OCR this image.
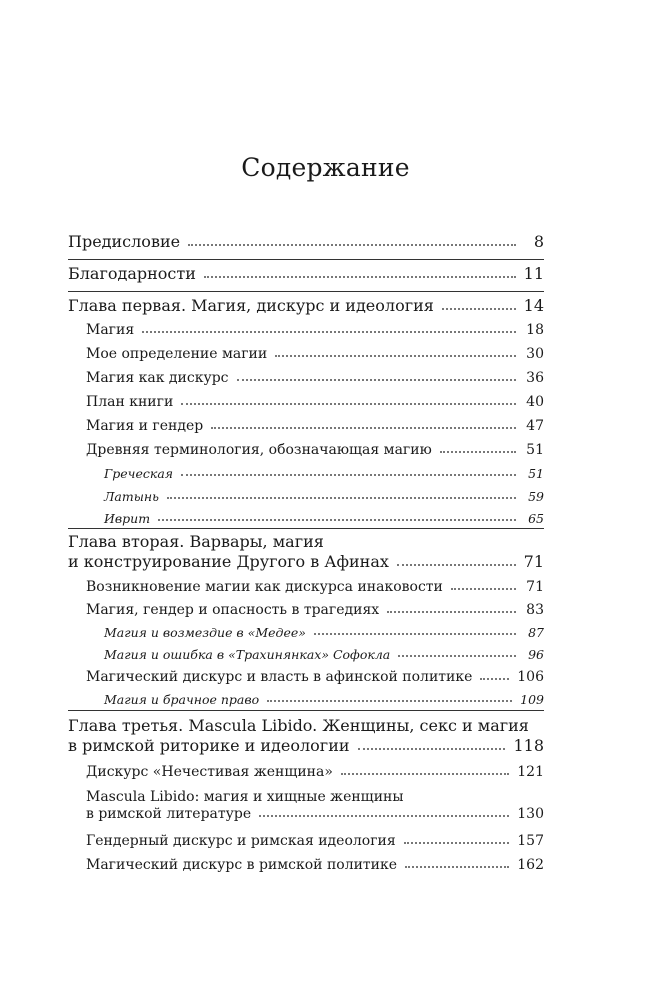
Содержание
Предисловие	8
Благодарности	11
Глава первая. Магия, дискурс и идеология	14
Магия	18
Мое определение магии	30
Магия как дискурс	36
План книги	40
Магия и гендер	47
Древняя терминология, обозначающая магию	51
Греческая	51
Латынь	59
Иврит	65
Глава вторая. Варвары, магия
и конструирование Другого в Афинах	71
Возникновение магии как дискурса инаковости	71
Магия, гендер и опасность в трагедиях	83
Магия и возмездие в «Медее»	87
Магия и ошибка в «Трахинянках» Софокла	96
Магический дискурс и власть в афинской политике	106
Магия и брачное право	109
Глава третья. Mascula Libido. Женщины, секс и магия
в римской риторике и идеологии	118
Дискурс «Нечестивая женщина»	121
Mascula Libido: магия и хищные женщины
в римской литературе	130
Гендерный дискурс и римская идеология	157
Магический дискурс в римской политике	162
